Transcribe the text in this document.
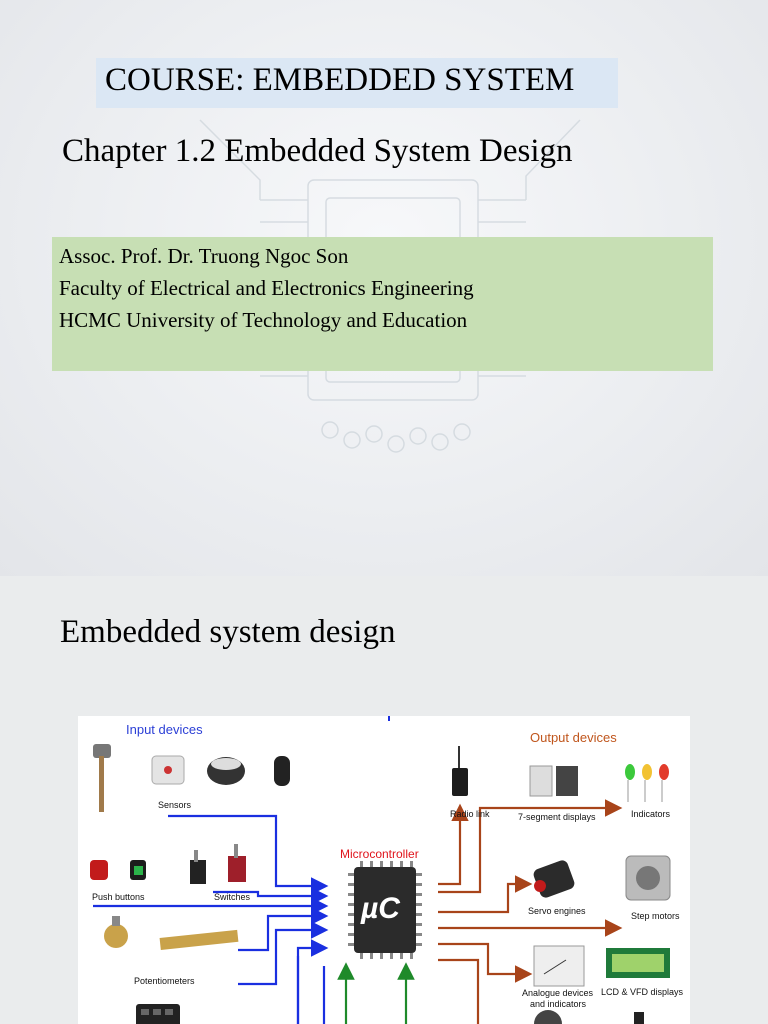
COURSE: EMBEDDED SYSTEM
Chapter 1.2 Embedded System Design
Assoc. Prof. Dr. Truong Ngoc Son
Faculty of Electrical and Electronics Engineering
HCMC University of Technology and Education
Embedded system design
Input devices
Output devices
Microcontroller
µC
Sensors
Push buttons	Switches
Potentiometers
Radio link	7-segment displays	Indicators
Servo engines	Step motors
Analogue devices
and indicators
LCD & VFD displays
